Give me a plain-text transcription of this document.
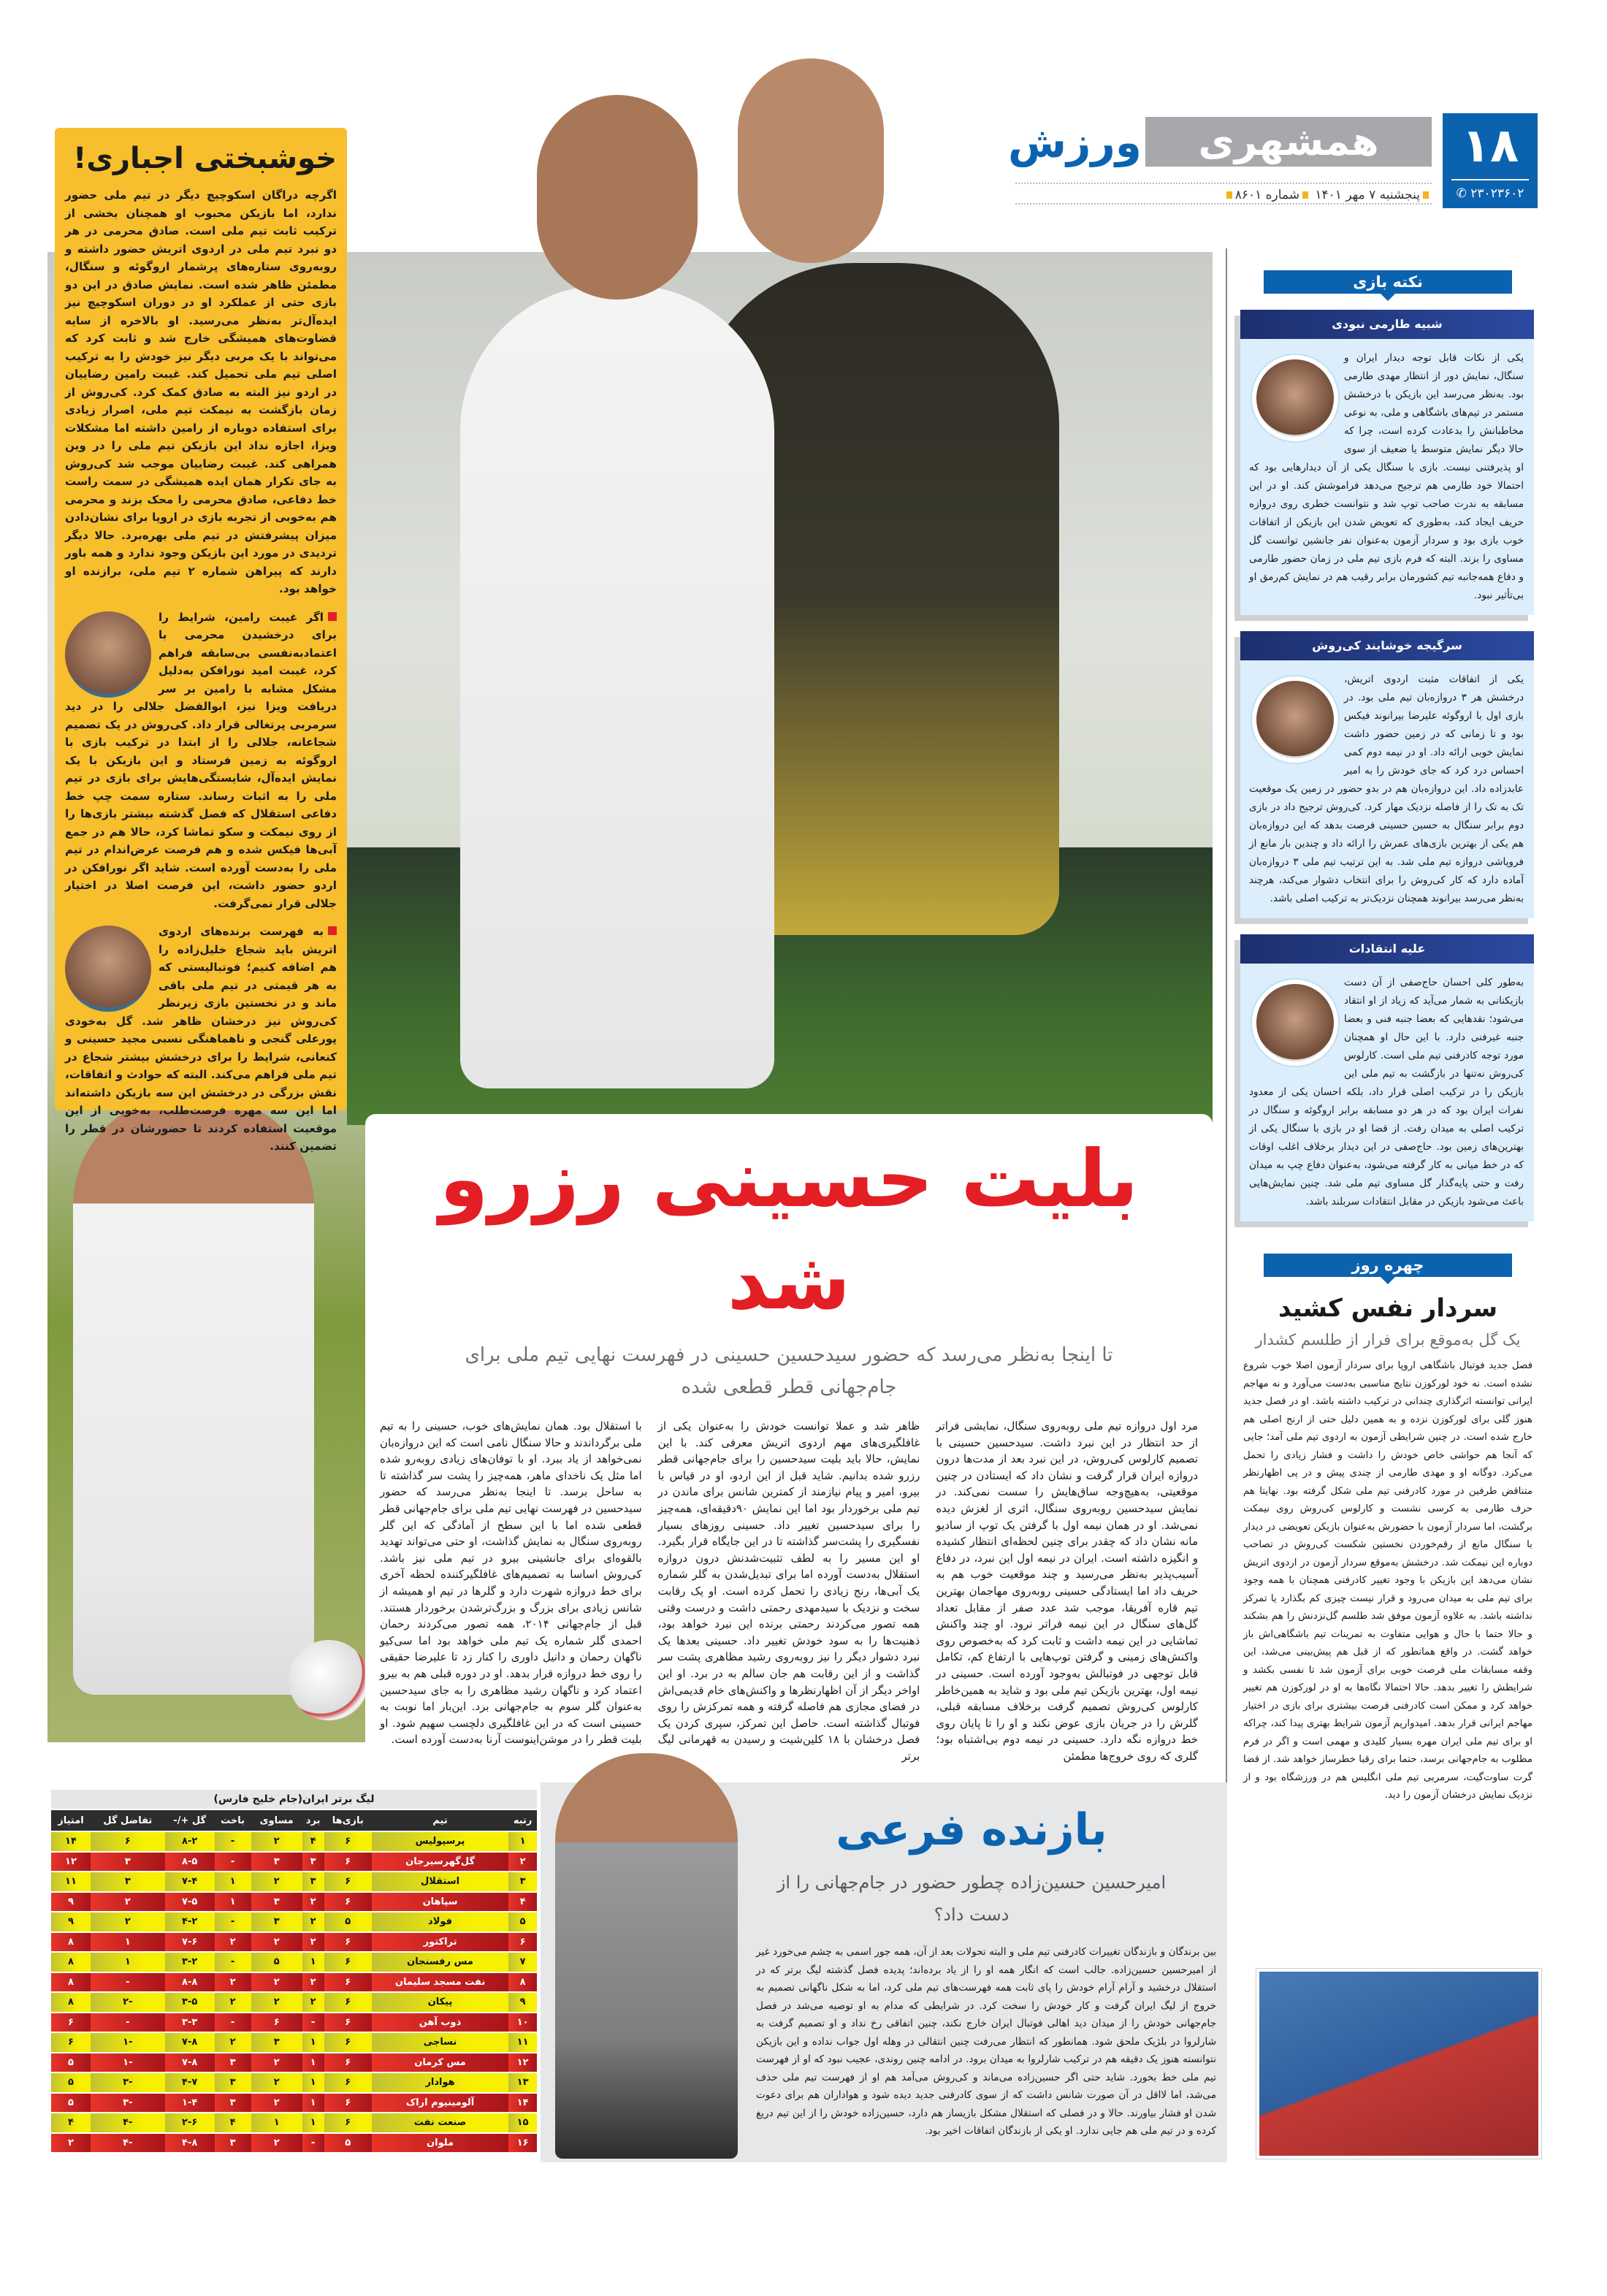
۱۸
✆ ۲۳۰۲۳۶۰۲
همشهری
ورزش
پنجشنبه ۷ مهر ۱۴۰۱ شماره ۸۶۰۱
خوشبختی اجباری!

اگرچه دراگان اسکوچیچ دیگر در تیم ملی حضور ندارد، اما بازیکن محبوب او همچنان بخشی از ترکیب ثابت تیم ملی است. صادق محرمی در هر دو نبرد تیم ملی در اردوی اتریش حضور داشته و روبه‌روی ستاره‌های پرشمار اروگوئه و سنگال، مطمئن ظاهر شده است. نمایش صادق در این دو بازی حتی از عملکرد او در دوران اسکوچیچ نیز ایده‌آل‌تر به‌نظر می‌رسید. او بالاخره از سایه قضاوت‌های همیشگی خارج شد و ثابت کرد که می‌تواند با یک مربی دیگر نیز خودش را به ترکیب اصلی تیم ملی تحمیل کند. غیبت رامین رضاییان در اردو نیز البته به صادق کمک کرد. کی‌روش از زمان بازگشت به نیمکت تیم ملی، اصرار زیادی برای استفاده دوباره از رامین داشته اما مشکلات ویزا، اجازه نداد این بازیکن تیم ملی را در وین همراهی کند. غیبت رضاییان موجب شد کی‌روش به جای تکرار همان ایده همیشگی در سمت راست خط دفاعی، صادق محرمی را محک بزند و محرمی هم به‌خوبی از تجربه بازی در اروپا برای نشان‌دادن میزان پیشرفتش در تیم ملی بهره‌برد. حالا دیگر تردیدی در مورد این بازیکن وجود ندارد و همه باور دارند که پیراهن شماره ۲ تیم ملی، برازنده او خواهد بود.

اگر غیبت رامین، شرایط را برای درخشیدن محرمی با اعتمادبه‌نفسی بی‌سابقه فراهم کرد، غیبت امید نورافکن به‌دلیل مشکل مشابه با رامین بر سر دریافت ویزا نیز، ابوالفضل جلالی را در دید سرمربی پرتغالی قرار داد. کی‌روش در یک تصمیم شجاعانه، جلالی را از ابتدا در ترکیب بازی با اروگوئه به زمین فرستاد و این بازیکن با یک نمایش ایده‌آل، شایستگی‌هایش برای بازی در تیم ملی را به اثبات رساند. ستاره سمت چپ خط دفاعی استقلال که فصل گذشته بیشتر بازی‌ها را از روی نیمکت و سکو تماشا کرد، حالا هم در جمع آبی‌ها فیکس شده و هم فرصت عرض‌اندام در تیم ملی را به‌دست آورده است. شاید اگر نورافکن در اردو حضور داشت، این فرصت اصلا در اختیار جلالی قرار نمی‌گرفت.

به فهرست برنده‌های اردوی اتریش باید شجاع خلیل‌زاده را هم اضافه کنیم؛ فوتبالیستی که به هر قیمتی در تیم ملی باقی ماند و در نخستین بازی زیرنظر کی‌روش نیز درخشان ظاهر شد. گل به‌خودی پورعلی گنجی و ناهماهنگی نسبی مجید حسینی و کنعانی، شرایط را برای درخشش بیشتر شجاع در تیم ملی فراهم می‌کند. البته که حوادث و اتفاقات، نقش بزرگی در درخشش این سه بازیکن داشته‌اند اما این سه مهره فرصت‌طلب، به‌خوبی از این موقعیت استفاده کردند تا حضورشان در قطر را تضمین کنند.	بلیت حسینی رزرو شد
تا اینجا به‌نظر می‌رسد که حضور سیدحسین حسینی در فهرست نهایی تیم ملی برای جام‌جهانی قطر قطعی شده

مرد اول دروازه تیم ملی روبه‌روی سنگال، نمایشی فراتر از حد انتظار در این نبرد داشت. سیدحسین حسینی با تصمیم کارلوس کی‌روش، در این نبرد بعد از مدت‌ها درون دروازه ایران قرار گرفت و نشان داد که ایستادن در چنین موقعیتی، به‌هیچ‌وجه ساق‌هایش را سست نمی‌کند. در نمایش سیدحسین روبه‌روی سنگال، اثری از لغزش دیده نمی‌شد. او در همان نیمه اول با گرفتن یک توپ از سادیو مانه نشان داد که چقدر برای چنین لحظه‌ای انتظار کشیده و انگیزه داشته است. ایران در نیمه اول این نبرد، در دفاع آسیب‌پذیر به‌نظر می‌رسید و چند موقعیت خوب هم به حریف داد اما ایستادگی حسینی روبه‌روی مهاجمان بهترین تیم قاره آفریقا، موجب شد عدد صفر از مقابل تعداد گل‌های سنگال در این نیمه فراتر نرود. او چند واکنش تماشایی در این نیمه داشت و ثابت کرد که به‌خصوص روی واکنش‌های زمینی و گرفتن توپ‌هایی با ارتفاع کم، تکامل قابل توجهی در فوتبالش به‌وجود آورده است. حسینی در نیمه اول، بهترین بازیکن تیم ملی بود و شاید به همین‌خاطر کارلوس کی‌روش تصمیم گرفت برخلاف مسابقه قبلی، گلرش را در جریان بازی عوض نکند و او را تا پایان روی خط دروازه نگه دارد. حسینی در نیمه دوم بی‌اشتباه بود؛ گلری که روی خروج‌ها مطمئن

ظاهر شد و عملا توانست خودش را به‌عنوان یکی از غافلگیری‌های مهم اردوی اتریش معرفی کند. با این نمایش، حالا باید بلیت سیدحسین را برای جام‌جهانی قطر رزرو شده بدانیم. شاید قبل از این اردو، او در قیاس با بیرو، امیر و پیام نیازمند از کمترین شانس برای ماندن در تیم ملی برخوردار بود اما این نمایش ۹۰دقیقه‌ای، همه‌چیز را برای سیدحسین تغییر داد. حسینی روزهای بسیار نفسگیری را پشت‌سر گذاشته تا در این جایگاه قرار بگیرد. او این مسیر را به لطف تثبیت‌شدنش درون دروازه استقلال به‌دست آورده اما برای تبدیل‌شدن به گلر شماره یک آبی‌ها، رنج زیادی را تحمل کرده است. او یک رقابت سخت و نزدیک با سیدمهدی رحمتی داشت و درست وقتی همه تصور می‌کردند رحمتی برنده این نبرد خواهد بود، ذهنیت‌ها را به سود خودش تغییر داد. حسینی بعدها یک نبرد دشوار دیگر را نیز روبه‌روی رشید مظاهری پشت سر گذاشت و از این رقابت هم جان سالم به در برد. او این اواخر دیگر از آن اظهارنظرها و واکنش‌های خام قدیمی‌اش در فضای مجازی هم فاصله گرفته و همه تمرکزش را روی فوتبال گذاشته است. حاصل این تمرکز، سپری کردن یک فصل درخشان با ۱۸ کلین‌شیت و رسیدن به قهرمانی لیگ برتر

با استقلال بود. همان نمایش‌های خوب، حسینی را به تیم ملی برگرداندند و حالا سنگال نامی است که این دروازه‌بان نمی‌خواهد از یاد ببرد. او با توفان‌های زیادی روبه‌رو شده اما مثل یک ناخدای ماهر، همه‌چیز را پشت سر گذاشته تا به ساحل برسد. تا اینجا به‌نظر می‌رسد که حضور سیدحسین در فهرست نهایی تیم ملی برای جام‌جهانی قطر قطعی شده اما با این سطح از آمادگی که این گلر روبه‌روی سنگال به نمایش گذاشت، او حتی می‌تواند تهدید بالقوه‌ای برای جانشینی بیرو در تیم ملی نیز باشد. کی‌روش اساسا به تصمیم‌های غافلگیرکننده لحظه آخری برای خط دروازه شهرت دارد و گلرها در تیم او همیشه از شانس زیادی برای بزرگ و بزرگ‌ترشدن برخوردار هستند. قبل از جام‌جهانی ۲۰۱۴، همه تصور می‌کردند رحمان احمدی گلر شماره یک تیم ملی خواهد بود اما سی‌کیو ناگهان رحمان و دانیل داوری را کنار زد تا علیرضا حقیقی را روی خط دروازه قرار بدهد. او در دوره قبلی هم به بیرو اعتماد کرد و ناگهان رشید مظاهری را به جای سیدحسین به‌عنوان گلر سوم به جام‌جهانی برد. این‌بار اما نوبت به حسینی است که در این غافلگیری دلچسب سهیم شود. او بلیت قطر را در موشن‌اینوست آرنا به‌دست آورده است.

نکته بازی
شبیه طارمی نبودی

یکی از نکات قابل توجه دیدار ایران و سنگال، نمایش دور از انتظار مهدی طارمی بود. به‌نظر می‌رسد این بازیکن با درخشش مستمر در تیم‌های باشگاهی و ملی، به نوعی مخاطبانش را بدعادت کرده است، چرا که حالا دیگر نمایش متوسط یا ضعیف از سوی او پذیرفتنی نیست. بازی با سنگال یکی از آن دیدارهایی بود که احتمالا خود طارمی هم ترجیح می‌دهد فراموشش کند. او در این مسابقه به ندرت صاحب توپ شد و نتوانست خطری روی دروازه حریف ایجاد کند، به‌طوری که تعویض شدن این بازیکن از اتفاقات خوب بازی بود و سردار آزمون به‌عنوان نفر جانشین توانست گل مساوی را بزند. البته که فرم بازی تیم ملی در زمان حضور طارمی و دفاع همه‌جانبه تیم کشورمان برابر رقیب هم در نمایش کم‌رمق او بی‌تأثیر نبود.

سرگیجه خوشایند کی‌روش

یکی از اتفاقات مثبت اردوی اتریش، درخشش هر ۳ دروازه‌بان تیم ملی بود. در بازی اول با اروگوئه علیرضا بیرانوند فیکس بود و تا زمانی که در زمین حضور داشت نمایش خوبی ارائه داد. او در نیمه دوم کمی احساس درد کرد که جای خودش را به امیر عابدزاده داد. این دروازه‌بان هم در بدو حضور در زمین یک موقعیت تک به تک را از فاصله نزدیک مهار کرد. کی‌روش ترجیح داد در بازی دوم برابر سنگال به حسین حسینی فرصت بدهد که این دروازه‌بان هم یکی از بهترین بازی‌های عمرش را ارائه داد و چندین بار مانع از فروپاشی دروازه تیم ملی شد. به این ترتیب تیم ملی ۳ دروازه‌بان آماده دارد که کار کی‌روش را برای انتخاب دشوار می‌کند، هرچند به‌نظر می‌رسد بیرانوند همچنان نزدیک‌تر به ترکیب اصلی باشد.

علیه انتقادات

به‌طور کلی احسان حاج‌صفی از آن دست بازیکنانی به شمار می‌آید که زیاد از او انتقاد می‌شود؛ نقدهایی که بعضا جنبه فنی و بعضا جنبه غیرفنی دارد. با این حال او همچنان مورد توجه کادرفنی تیم ملی است. کارلوس کی‌روش نه‌تنها در بازگشت به تیم ملی این بازیکن را در ترکیب اصلی قرار داد، بلکه احسان یکی از معدود نفرات ایران بود که در هر دو مسابقه برابر اروگوئه و سنگال در ترکیب اصلی به میدان رفت. از قضا او در بازی با سنگال یکی از بهترین‌های زمین بود. حاج‌صفی در این دیدار برخلاف اغلب اوقات که در خط میانی به کار گرفته می‌شود، به‌عنوان دفاع چپ به میدان رفت و حتی پایه‌گذار گل مساوی تیم ملی شد. چنین نمایش‌هایی باعث می‌شود بازیکن در مقابل انتقادات سربلند باشد.

چهره روز
سردار نفس کشید
یک گل به‌موقع برای فرار از طلسم کشدار

فصل جدید فوتبال باشگاهی اروپا برای سردار آزمون اصلا خوب شروع نشده است. نه خود لورکوزن نتایج مناسبی به‌دست می‌آورد و نه مهاجم ایرانی توانسته اثرگذاری چندانی در ترکیب داشته باشد. او در فصل جدید هنوز گلی برای لورکوزن نزده و به همین دلیل حتی از ارنج اصلی هم خارج شده است. در چنین شرایطی آزمون به اردوی تیم ملی آمد؛ جایی که آنجا هم حواشی خاص خودش را داشت و فشار زیادی را تحمل می‌کرد. دوگانه او و مهدی طارمی از چندی پیش و در پی اظهارنظر متناقض طرفین در مورد کادرفنی تیم ملی شکل گرفته بود. نهایتا هم حرف طارمی به کرسی نشست و کارلوس کی‌روش روی نیمکت برگشت، اما سردار آزمون با حضورش به‌عنوان بازیکن تعویضی در دیدار با سنگال مانع از رقم‌خوردن نخستین شکست کی‌روش در تصاحب دوباره این نیمکت شد. درخشش به‌موقع سردار آزمون در اردوی اتریش نشان می‌دهد این بازیکن با وجود تغییر کادرفنی همچنان با همه وجود برای تیم ملی به میدان می‌رود و قرار نیست چیزی کم بگذارد یا تمرکز نداشته باشد. به علاوه آزمون موفق شد طلسم گل‌نزدنش را هم بشکند و حالا حتما با حال و هوایی متفاوت به تمرینات تیم باشگاهی‌اش باز خواهد گشت. در واقع همانطور که از قبل هم پیش‌بینی می‌شد، این وقفه مسابقات ملی فرصت خوبی برای آزمون شد تا نفسی بکشد و شرایطش را تغییر بدهد. حالا احتمالا نگاه‌ها به او در لورکوزن هم تغییر خواهد کرد و ممکن است کادرفنی فرصت بیشتری برای بازی در اختیار مهاجم ایرانی قرار بدهد. امیدواریم آزمون شرایط بهتری پیدا کند، چراکه او برای تیم ملی ایران مهره بسیار کلیدی و مهمی است و اگر در فرم مطلوب به جام‌جهانی برسد، حتما برای رقبا خطرساز خواهد شد. از قضا گرت ساوت‌گیت، سرمربی تیم ملی انگلیس هم در ورزشگاه بود و از نزدیک نمایش درخشان آزمون را دید.

لیگ برتر ایران(جام خلیج فارس)
رتبه	تیم	بازی‌ها	برد	مساوی	باخت	گل +/-	تفاضل گل	امتیاز
۱	پرسپولیس	۶	۴	۲	-	۸-۲	۶	۱۴
۲	گل‌گهرسیرجان	۶	۳	۳	-	۸-۵	۳	۱۲
۳	استقلال	۶	۳	۲	۱	۷-۴	۳	۱۱
۴	سپاهان	۶	۲	۳	۱	۷-۵	۲	۹
۵	فولاد	۵	۲	۳	-	۴-۲	۲	۹
۶	تراکتور	۶	۲	۲	۲	۷-۶	۱	۸
۷	مس رفسنجان	۶	۱	۵	-	۳-۲	۱	۸
۸	نفت مسجد سلیمان	۶	۲	۲	۲	۸-۸	-	۸
۹	پیکان	۶	۲	۲	۲	۳-۵	-۲	۸
۱۰	ذوب آهن	۶	-	۶	-	۳-۳	-	۶
۱۱	نساجی	۶	۱	۳	۲	۷-۸	-۱	۶
۱۲	مس کرمان	۶	۱	۲	۳	۷-۸	-۱	۵
۱۳	هوادار	۶	۱	۲	۳	۴-۷	-۳	۵
۱۴	آلومینیوم اراک	۶	۱	۲	۳	۱-۴	-۳	۵
۱۵	صنعت نفت	۶	۱	۱	۴	۲-۶	-۴	۴
۱۶	ملوان	۵	-	۲	۳	۴-۸	-۴	۲
بازنده فرعی
امیرحسین حسین‌زاده چطور حضور در جام‌جهانی را از دست داد؟

بین برندگان و بازندگان تغییرات کادرفنی تیم ملی و البته تحولات بعد از آن، همه جور اسمی به چشم می‌خورد غیر از امیرحسین حسین‌زاده. جالب است که انگار همه او را از یاد برده‌اند؛ پدیده فصل گذشته لیگ برتر که در استقلال درخشید و آرام آرام خودش را پای ثابت همه فهرست‌های تیم ملی کرد، اما به شکل ناگهانی تصمیم به خروج از لیگ ایران گرفت و کار خودش را سخت کرد. در شرایطی که مدام به او توصیه می‌شد در فصل جام‌جهانی خودش را از میدان دید اهالی فوتبال ایران خارج نکند، چنین اتفاقی رخ نداد و او تصمیم گرفت به شارلروا در بلژیک ملحق شود. همانطور که انتظار می‌رفت چنین انتقالی در وهله اول جواب نداده و این بازیکن نتوانسته هنوز یک دقیقه هم در ترکیب شارلروا به میدان برود. در ادامه چنین روندی، عجیب نبود که او از فهرست تیم ملی خط بخورد. شاید حتی اگر حسین‌زاده می‌ماند و کی‌روش می‌آمد هم او از فهرست تیم ملی حذف می‌شد، اما لااقل در آن صورت شانس داشت که از سوی کادرفنی جدید دیده شود و هواداران هم برای دعوت شدن او فشار بیاورند. حالا و در فصلی که استقلال مشکل بازیساز هم دارد، حسین‌زاده خودش را از این تیم دریغ کرده و در تیم ملی هم جایی ندارد. او یکی از بازندگان اتفاقات اخیر بود.
